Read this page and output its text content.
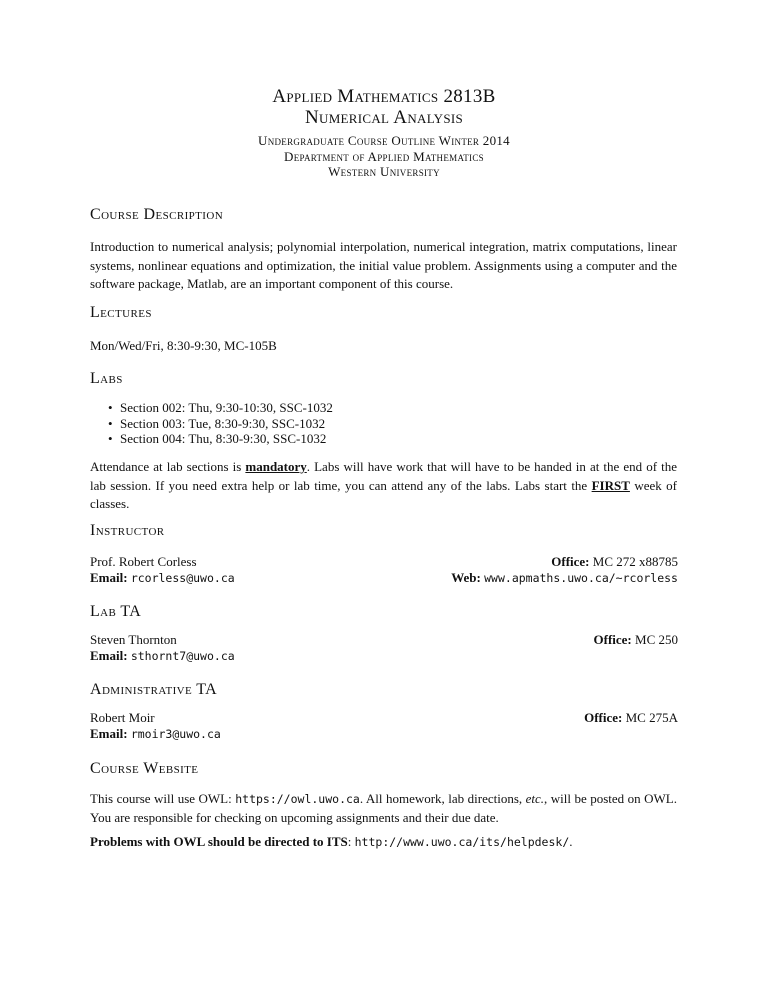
Applied Mathematics 2813B
Numerical Analysis
Undergraduate Course Outline Winter 2014
Department of Applied Mathematics
Western University
Course Description
Introduction to numerical analysis; polynomial interpolation, numerical integration, matrix computations, linear systems, nonlinear equations and optimization, the initial value problem. Assignments using a computer and the software package, Matlab, are an important component of this course.
Lectures
Mon/Wed/Fri, 8:30-9:30, MC-105B
Labs
• Section 002: Thu, 9:30-10:30, SSC-1032
• Section 003: Tue, 8:30-9:30, SSC-1032
• Section 004: Thu, 8:30-9:30, SSC-1032
Attendance at lab sections is mandatory. Labs will have work that will have to be handed in at the end of the lab session. If you need extra help or lab time, you can attend any of the labs. Labs start the FIRST week of classes.
Instructor
Prof. Robert Corless
Email: rcorless@uwo.ca
Office: MC 272 x88785
Web: www.apmaths.uwo.ca/~rcorless
Lab TA
Steven Thornton
Email: sthornt7@uwo.ca
Office: MC 250
Administrative TA
Robert Moir
Email: rmoir3@uwo.ca
Office: MC 275A
Course Website
This course will use OWL: https://owl.uwo.ca. All homework, lab directions, etc., will be posted on OWL. You are responsible for checking on upcoming assignments and their due date.
Problems with OWL should be directed to ITS: http://www.uwo.ca/its/helpdesk/.
